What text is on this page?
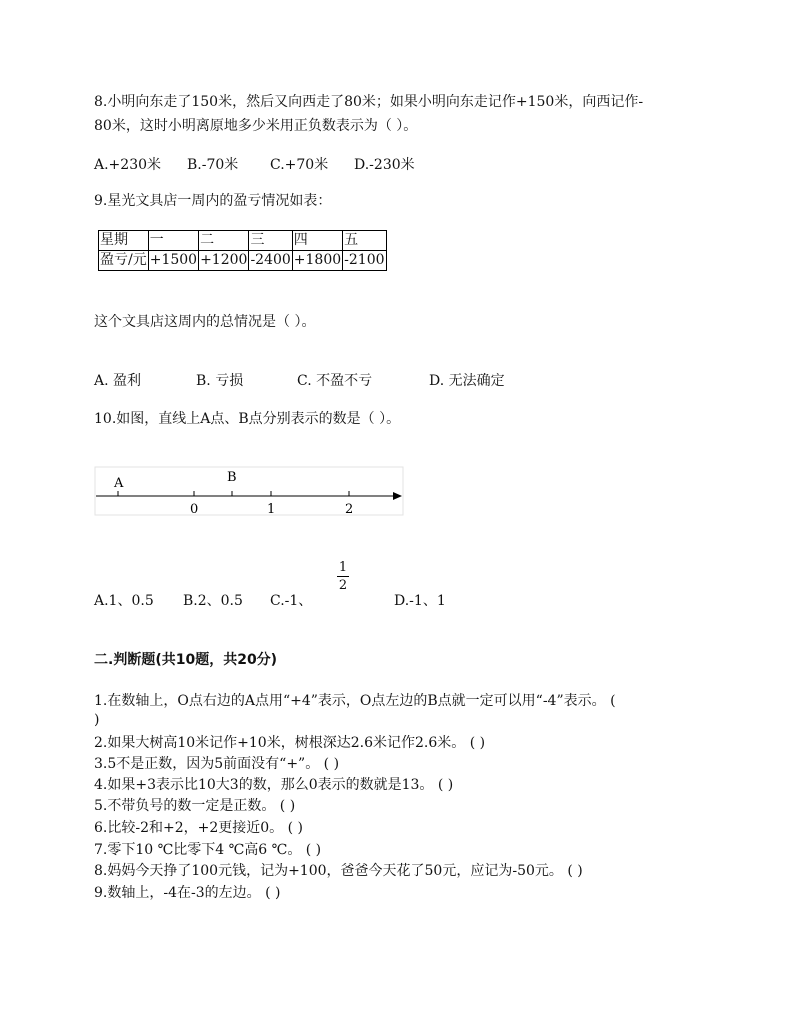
8.小明向东走了150米，然后又向西走了80米；如果小明向东走记作+150米，向西记作-
80米，这时小明离原地多少米用正负数表示为（ ）。
A.+230米 B.-70米 C.+70米 D.-230米
9.星光文具店一周内的盈亏情况如表：
星期	一	二	三	四	五
盈亏/元	+1500	+1200	-2400	+1800	-2100
这个文具店这周内的总情况是（ ）。
A. 盈利	B. 亏损	C. 不盈不亏	D. 无法确定
10.如图，直线上A点、B点分别表示的数是（ ）。
A	B
0	1	2
1
2
A.1、0.5 B.2、0.5 C.-1、	D.-1、1
二.判断题(共10题，共20分)
1.在数轴上，O点右边的A点用“+4”表示，O点左边的B点就一定可以用“-4”表示。 (
)
2.如果大树高10米记作+10米，树根深达2.6米记作2.6米。 ( )
3.5不是正数，因为5前面没有“+”。 ( )
4.如果+3表示比10大3的数，那么0表示的数就是13。 ( )
5.不带负号的数一定是正数。 ( )
6.比较-2和+2，+2更接近0。 ( )
7.零下10 ℃比零下4 ℃高6 ℃。 ( )
8.妈妈今天挣了100元钱，记为+100，爸爸今天花了50元，应记为-50元。 ( )
9.数轴上，-4在-3的左边。 ( )
